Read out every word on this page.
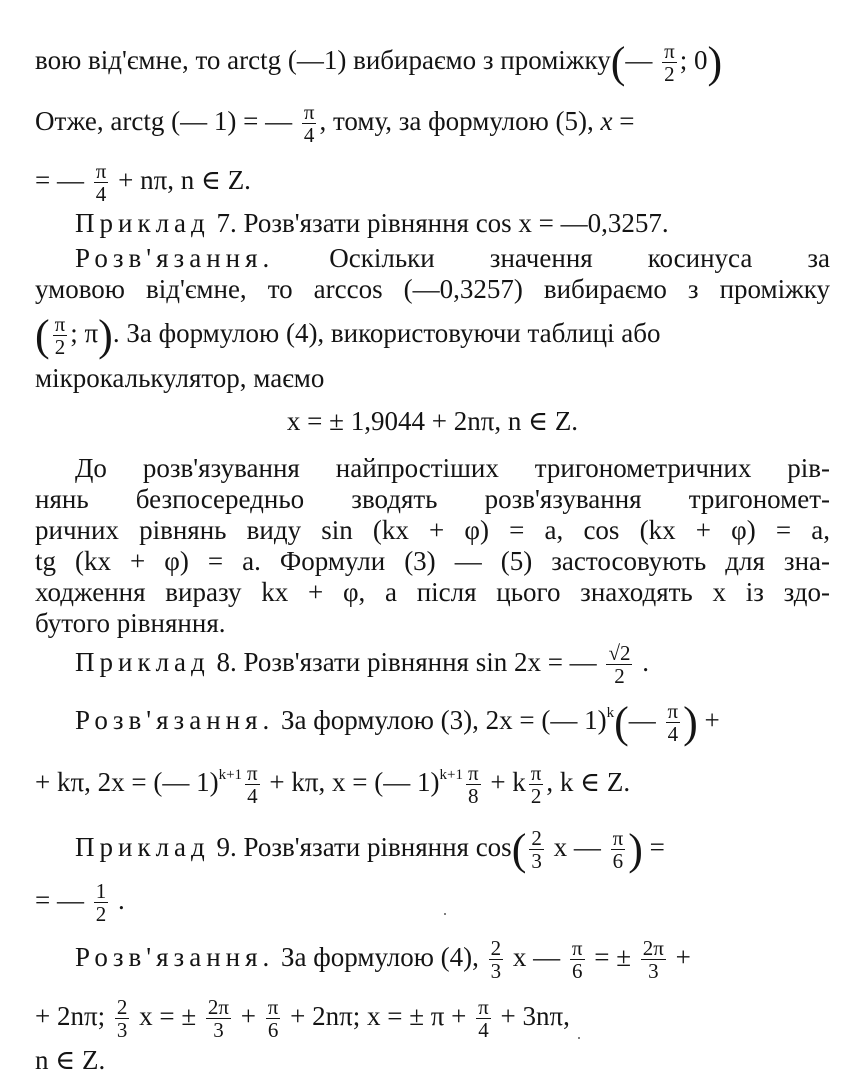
вою від'ємне, то arctg (—1) вибираємо з проміжку(— $\frac{\pi}{2}$ ; 0)
Отже, arctg (— 1) = — $\frac{\pi}{4}$ , тому, за формулою (5), x =
= — $\frac{\pi}{4} + n\pi$, n ∈ Z.
Приклад 7. Розв'язати рівняння cos x = —0,3257.
Розв'язання. Оскільки значення косинуса за
умовою від'ємне, то arccos (—0,3257) вибираємо з проміжку
( $\frac{\pi}{2}$ ; π). За формулою (4), використовуючи таблиці або
мікрокалькулятор, маємо
x = ± 1,9044 + 2nπ, n ∈ Z.
До розв'язування найпростіших тригонометричних рів-
нянь безпосередньо зводять розв'язування тригономет-
ричних рівнянь виду sin (kx + φ) = a, cos (kx + φ) = a,
tg (kx + φ) = a. Формули (3) — (5) застосовують для зна-
ходження виразу kx + φ, а після цього знаходять x із здо-
бутого рівняння.
Приклад 8. Розв'язати рівняння sin 2x = — $\frac{√2}{2}$ .
Розв'язання. За формулою (3), 2x = (— 1)$^k$(— $\frac{\pi}{4}$ ) +
+ kπ, 2x = (— $1)^{k+1} \frac{\pi}{4} + k\pi$, x = (— $1)^{k+1} \frac{\pi}{8} + k \frac{\pi}{2}$ , k ∈ Z.
Приклад 9. Розв'язати рівняння $\cos( \frac{2}{3}$ x — $\frac{\pi}{6}$ ) =
= — $\frac{1}{2}$ .
Розв'язання. За формулою (4), $\frac{2}{3}$ x — $\frac{\pi}{6}$ = ± $\frac{2\pi}{3}$ +
+ 2nπ; $\frac{2}{3}$ x = ± $\frac{2\pi}{3} + \frac{\pi}{6} + 2n\pi$; x = ± $\pi + \frac{\pi}{4} + 3n\pi$,
n ∈ Z.
